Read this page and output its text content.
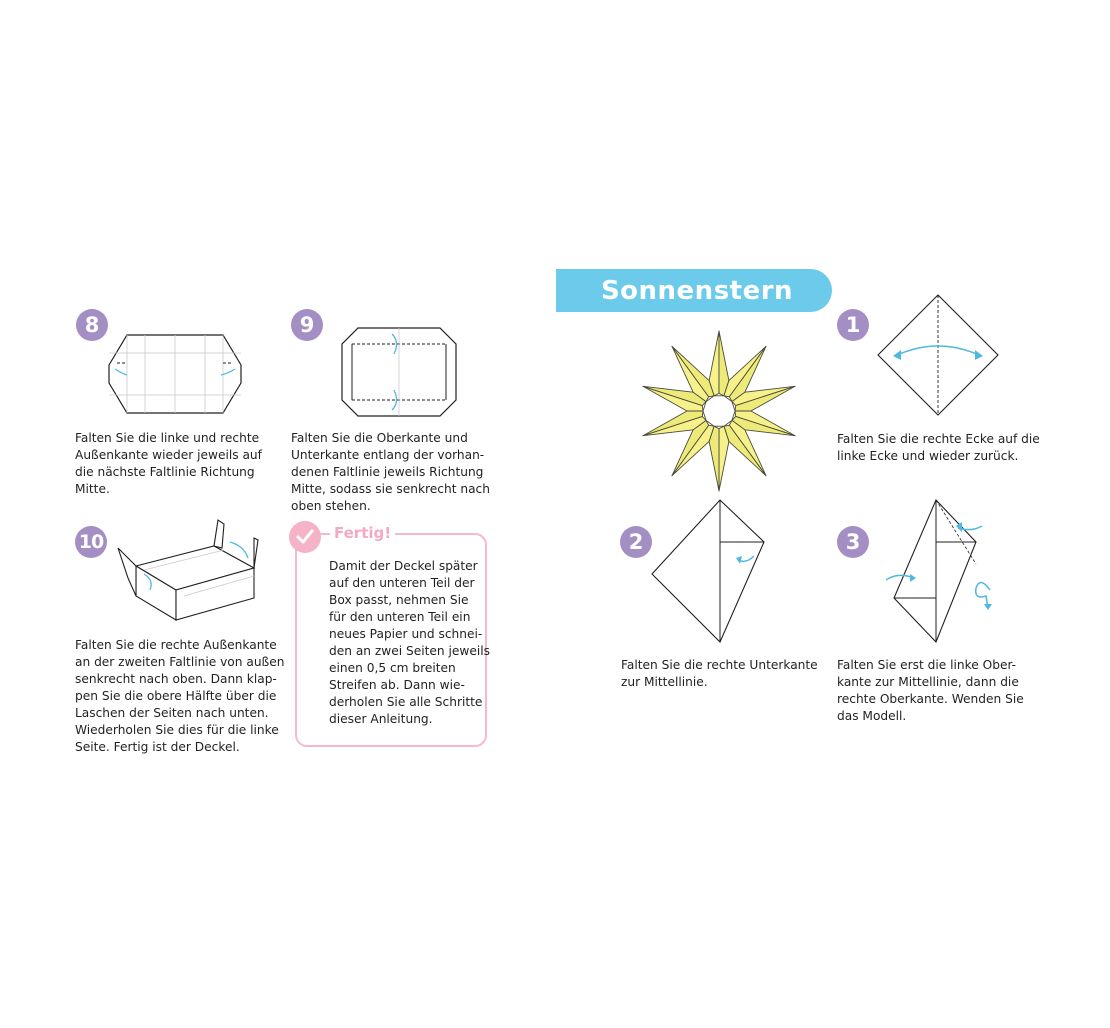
8

Falten Sie die linke und rechte
Außenkante wieder jeweils auf
die nächste Faltlinie Richtung
Mitte.

9

Falten Sie die Oberkante und
Unterkante entlang der vorhan-
denen Faltlinie jeweils Richtung
Mitte, sodass sie senkrecht nach
oben stehen.

10

Falten Sie die rechte Außenkante
an der zweiten Faltlinie von außen
senkrecht nach oben. Dann klap-
pen Sie die obere Hälfte über die
Laschen der Seiten nach unten.
Wiederholen Sie dies für die linke
Seite. Fertig ist der Deckel.

Fertig!

Damit der Deckel später
auf den unteren Teil der
Box passt, nehmen Sie
für den unteren Teil ein
neues Papier und schnei-
den an zwei Seiten jeweils
einen 0,5 cm breiten
Streifen ab. Dann wie-
derholen Sie alle Schritte
dieser Anleitung.

Sonnenstern
1

Falten Sie die rechte Ecke auf die
linke Ecke und wieder zurück.

2

Falten Sie die rechte Unterkante
zur Mittellinie.

3

Falten Sie erst die linke Ober-
kante zur Mittellinie, dann die
rechte Oberkante. Wenden Sie
das Modell.
